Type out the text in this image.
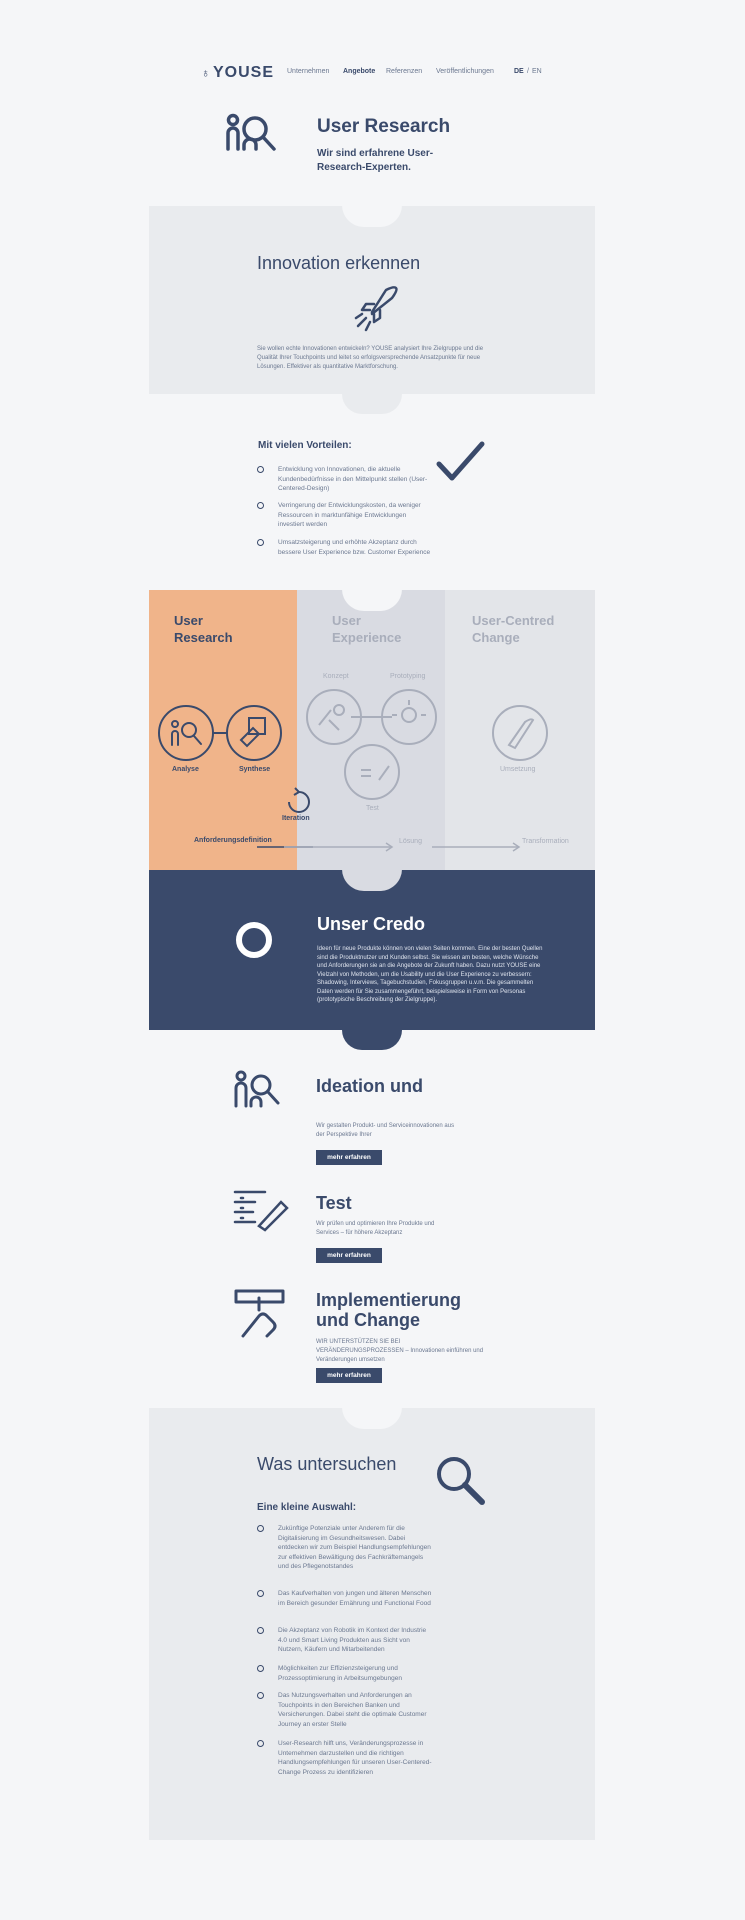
♁ YOUSE Unternehmen Angebote Referenzen Veröffentlichungen	DE / EN
User Research
Wir sind erfahrene User-Research-Experten.
Innovation erkennen
Sie wollen echte Innovationen entwickeln? YOUSE analysiert Ihre Zielgruppe und die Qualität Ihrer Touchpoints und leitet so erfolgsversprechende Ansatzpunkte für neue Lösungen. Effektiver als quantitative Marktforschung.
Mit vielen Vorteilen:
Entwicklung von Innovationen, die aktuelle Kundenbedürfnisse in den Mittelpunkt stellen (User-Centered-Design)
Verringerung der Entwicklungskosten, da weniger Ressourcen in marktunfähige Entwicklungen investiert werden
Umsatzsteigerung und erhöhte Akzeptanz durch bessere User Experience bzw. Customer Experience
User Research
User Experience
User-Centred Change
Analyse	Synthese
Iteration
Konzept	Prototyping
Test
Umsetzung
Anforderungsdefinition	Lösung	Transformation
Unser Credo
Ideen für neue Produkte können von vielen Seiten kommen. Eine der besten Quellen sind die Produktnutzer und Kunden selbst. Sie wissen am besten, welche Wünsche und Anforderungen sie an die Angebote der Zukunft haben. Dazu nutzt YOUSE eine Vielzahl von Methoden, um die Usability und die User Experience zu verbessern: Shadowing, Interviews, Tagebuchstudien, Fokusgruppen u.v.m. Die gesammelten Daten werden für Sie zusammengeführt, beispielsweise in Form von Personas (prototypische Beschreibung der Zielgruppe).
Ideation und
Wir gestalten Produkt- und Serviceinnovationen aus der Perspektive Ihrer
mehr erfahren
Test
Wir prüfen und optimieren Ihre Produkte und Services – für höhere Akzeptanz
mehr erfahren
Implementierung und Change
WIR UNTERSTÜTZEN SIE BEI VERÄNDERUNGSPROZESSEN – Innovationen einführen und Veränderungen umsetzen
mehr erfahren
Was untersuchen
Eine kleine Auswahl:
Zukünftige Potenziale unter Anderem für die Digitalisierung im Gesundheitswesen. Dabei entdecken wir zum Beispiel Handlungsempfehlungen zur effektiven Bewältigung des Fachkräftemangels und des Pflegenotstandes
Das Kaufverhalten von jungen und älteren Menschen im Bereich gesunder Ernährung und Functional Food
Die Akzeptanz von Robotik im Kontext der Industrie 4.0 und Smart Living Produkten aus Sicht von Nutzern, Käufern und Mitarbeitenden
Möglichkeiten zur Effizienzsteigerung und Prozessoptimierung in Arbeitsumgebungen
Das Nutzungsverhalten und Anforderungen an Touchpoints in den Bereichen Banken und Versicherungen. Dabei steht die optimale Customer Journey an erster Stelle
User-Research hilft uns, Veränderungsprozesse in Unternehmen darzustellen und die richtigen Handlungsempfehlungen für unseren User-Centered-Change Prozess zu identifizieren
